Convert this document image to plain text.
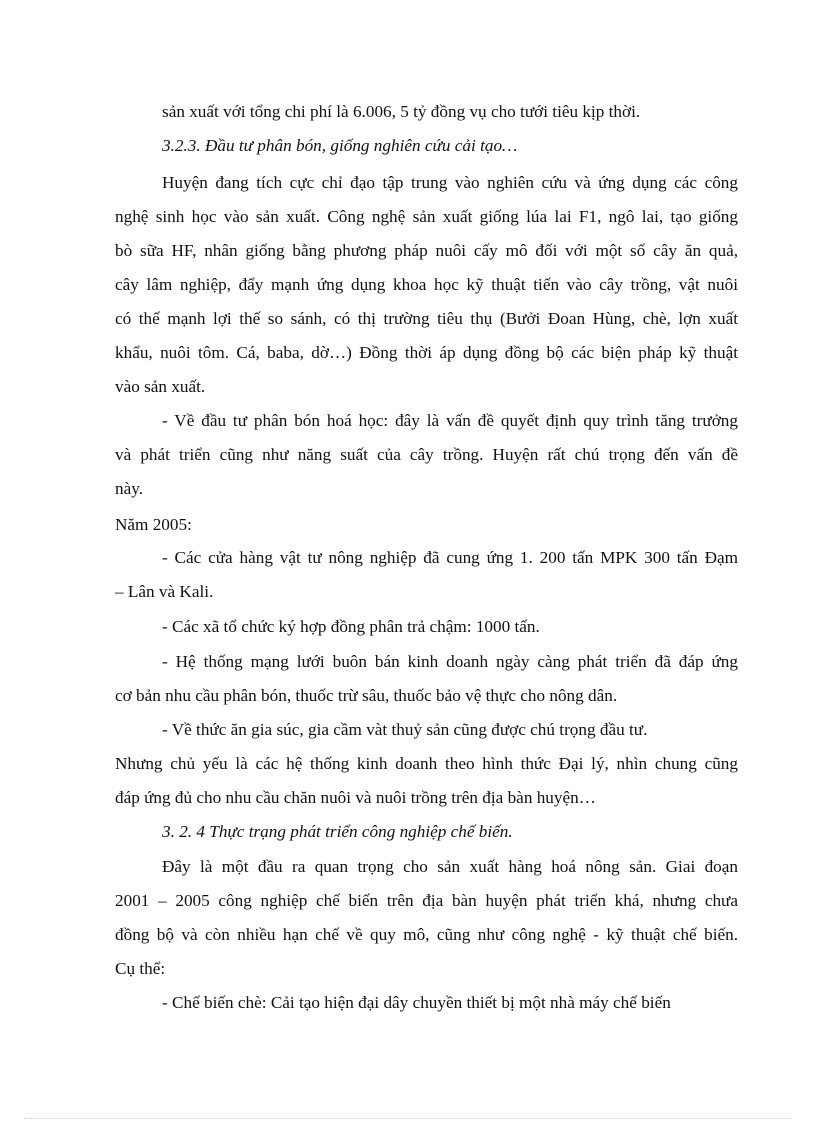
sản xuất với tổng chi phí là 6.006, 5 tỷ đồng vụ cho tưới tiêu kịp thời.
3.2.3. Đầu tư phân bón, giống nghiên cứu cải tạo…
Huyện đang tích cực chỉ đạo tập trung vào nghiên cứu và ứng dụng các công
nghệ sinh học vào sản xuất. Công nghệ sản xuất giống lúa lai F1, ngô lai, tạo giống
bò sữa HF, nhân giống bằng phương pháp nuôi cấy mô đối với một số cây ăn quả,
cây lâm nghiệp, đẩy mạnh ứng dụng khoa học kỹ thuật tiến vào cây trồng, vật nuôi
có thế mạnh lợi thế so sánh, có thị trường tiêu thụ (Bưởi Đoan Hùng, chè, lợn xuất
khẩu, nuôi tôm. Cá, baba, dờ…) Đồng thời áp dụng đồng bộ các biện pháp kỹ thuật
vào sản xuất.
- Về đầu tư phân bón hoá học: đây là vấn đề quyết định quy trình tăng trưởng
và phát triển cũng như năng suất của cây trồng. Huyện rất chú trọng đến vấn đề
này.
Năm 2005:
- Các cửa hàng vật tư nông nghiệp đã cung ứng 1. 200 tấn MPK 300 tấn Đạm
– Lân và Kali.
- Các xã tổ chức ký hợp đồng phân trả chậm: 1000 tấn.
- Hệ thống mạng lưới buôn bán kinh doanh ngày càng phát triển đã đáp ứng
cơ bản nhu cầu phân bón, thuốc trừ sâu, thuốc bảo vệ thực cho nông dân.
- Về thức ăn gia súc, gia cầm vàt thuỷ sản cũng được chú trọng đầu tư.
Nhưng chủ yếu là các hệ thống kinh doanh theo hình thức Đại lý, nhìn chung cũng
đáp ứng đủ cho nhu cầu chăn nuôi và nuôi trồng trên địa bàn huyện…
3. 2. 4 Thực trạng phát triển công nghiệp chế biến.
Đây là một đầu ra quan trọng cho sản xuất hàng hoá nông sản. Giai đoạn
2001 – 2005 công nghiệp chế biến trên địa bàn huyện phát triển khá, nhưng chưa
đồng bộ và còn nhiều hạn chế về quy mô, cũng như công nghệ - kỹ thuật chế biến.
Cụ thể:
- Chế biến chè: Cải tạo hiện đại dây chuyền thiết bị một nhà máy chế biến
